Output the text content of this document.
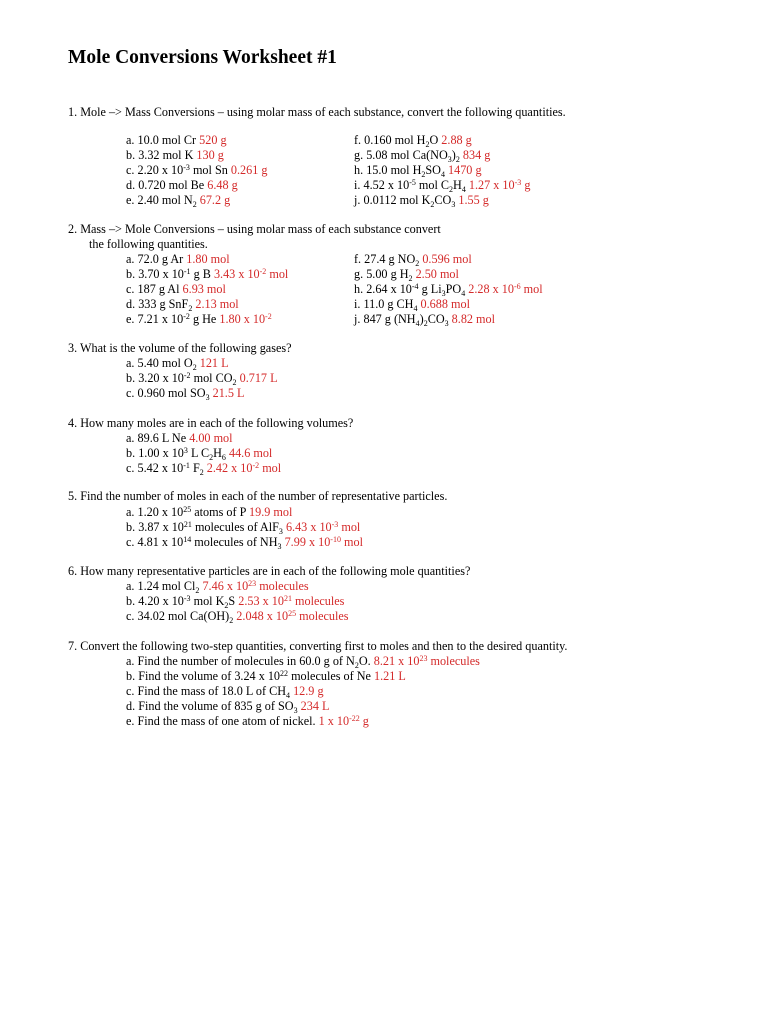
Mole Conversions Worksheet #1
1. Mole –> Mass Conversions – using molar mass of each substance, convert the following quantities.
a. 10.0 mol Cr 520 g
b. 3.32 mol K 130 g
c. 2.20 x $10^{-3}$ mol Sn 0.261 g
d. 0.720 mol Be 6.48 g
e. 2.40 mol $N_2$ 67.2 g
f. 0.160 mol $H_2O$ 2.88 g
g. 5.08 mol $Ca(NO_3)_2$ 834 g
h. 15.0 mol $H_2SO_4$ 1470 g
i. 4.52 x $10^{-5}$ mol $C_2H_4$ 1.27 x $10^{-3}$ g
j. 0.0112 mol $K_2CO_3$ 1.55 g
2. Mass –> Mole Conversions – using molar mass of each substance convert
the following quantities.
a. 72.0 g Ar 1.80 mol
b. 3.70 x $10^{-1}$ g B 3.43 x $10^{-2}$ mol
c. 187 g Al 6.93 mol
d. 333 g SnF$_2$ 2.13 mol
e. 7.21 x $10^{-2}$ g He 1.80 x $10^{-2}$
f. 27.4 g $NO_2$ 0.596 mol
g. 5.00 g $H_2$ 2.50 mol
h. 2.64 x $10^{-4}$ g $Li_3PO_4$ 2.28 x $10^{-6}$ mol
i. 11.0 g $CH_4$ 0.688 mol
j. 847 g $(NH_4)_2CO_3$ 8.82 mol
3. What is the volume of the following gases?
a. 5.40 mol $O_2$ 121 L
b. 3.20 x $10^{-2}$ mol $CO_2$ 0.717 L
c. 0.960 mol $SO_3$ 21.5 L
4. How many moles are in each of the following volumes?
a. 89.6 L Ne 4.00 mol
b. 1.00 x $10^3$ L $C_2H_6$ 44.6 mol
c. 5.42 x $10^{-1}$ $F_2$ 2.42 x $10^{-2}$ mol
5. Find the number of moles in each of the number of representative particles.
a. 1.20 x $10^{25}$ atoms of P 19.9 mol
b. 3.87 x $10^{21}$ molecules of AlF$_3$ 6.43 x $10^{-3}$ mol
c. 4.81 x $10^{14}$ molecules of $NH_3$ 7.99 x $10^{-10}$ mol
6. How many representative particles are in each of the following mole quantities?
a. 1.24 mol $Cl_2$ 7.46 x $10^{23}$ molecules
b. 4.20 x $10^{-3}$ mol $K_2S$ 2.53 x $10^{21}$ molecules
c. 34.02 mol $Ca(OH)_2$ 2.048 x $10^{25}$ molecules
7. Convert the following two-step quantities, converting first to moles and then to the desired quantity.
a. Find the number of molecules in 60.0 g of $N_2O$. 8.21 x $10^{23}$ molecules
b. Find the volume of 3.24 x $10^{22}$ molecules of Ne 1.21 L
c. Find the mass of 18.0 L of $CH_4$ 12.9 g
d. Find the volume of 835 g of $SO_3$ 234 L
e. Find the mass of one atom of nickel. 1 x $10^{-22}$ g
